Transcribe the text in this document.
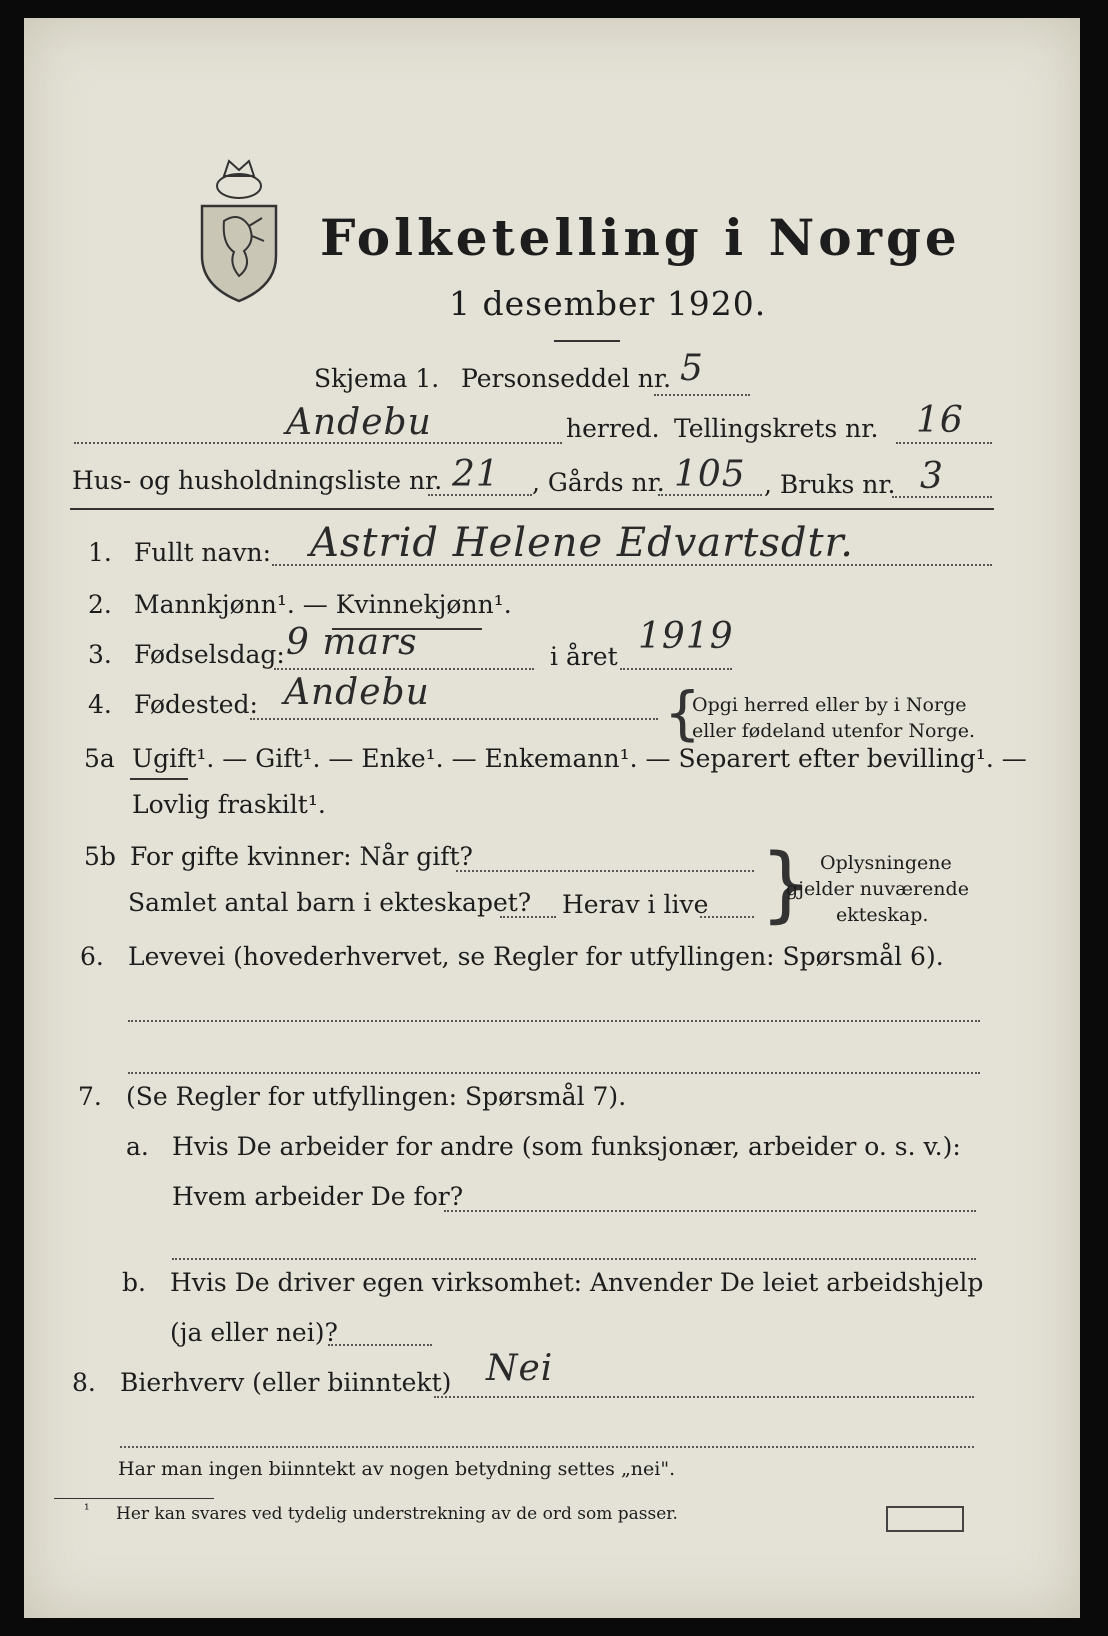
Folketelling i Norge
1 desember 1920.
Skjema 1. Personseddel nr. 5
Andebu	herred. Tellingskrets nr. 16
Hus- og husholdningsliste nr. 21 , Gårds nr. 105 , Bruks nr. 3
1. Fullt navn: Astrid Helene Edvartsdtr.
2. Mannkjønn¹. — Kvinnekjønn¹.
3. Fødselsdag: 9 mars	i året 1919
4. Fødested: Andebu	{
Opgi herred eller by i Norge
eller fødeland utenfor Norge.
5a Ugift¹. — Gift¹. — Enke¹. — Enkemann¹. — Separert efter bevilling¹. —
Lovlig fraskilt¹.
5b For gifte kvinner: Når gift?
Samlet antal barn i ekteskapet? Herav i live } Oplysningene
gjelder nuværende
ekteskap.
6. Levevei (hovederhvervet, se Regler for utfyllingen: Spørsmål 6).
7. (Se Regler for utfyllingen: Spørsmål 7).
a. Hvis De arbeider for andre (som funksjonær, arbeider o. s. v.):
Hvem arbeider De for?
b. Hvis De driver egen virksomhet: Anvender De leiet arbeidshjelp
(ja eller nei)?
8. Bierhverv (eller biinntekt) Nei
Har man ingen biinntekt av nogen betydning settes „nei".
¹ Her kan svares ved tydelig understrekning av de ord som passer.
